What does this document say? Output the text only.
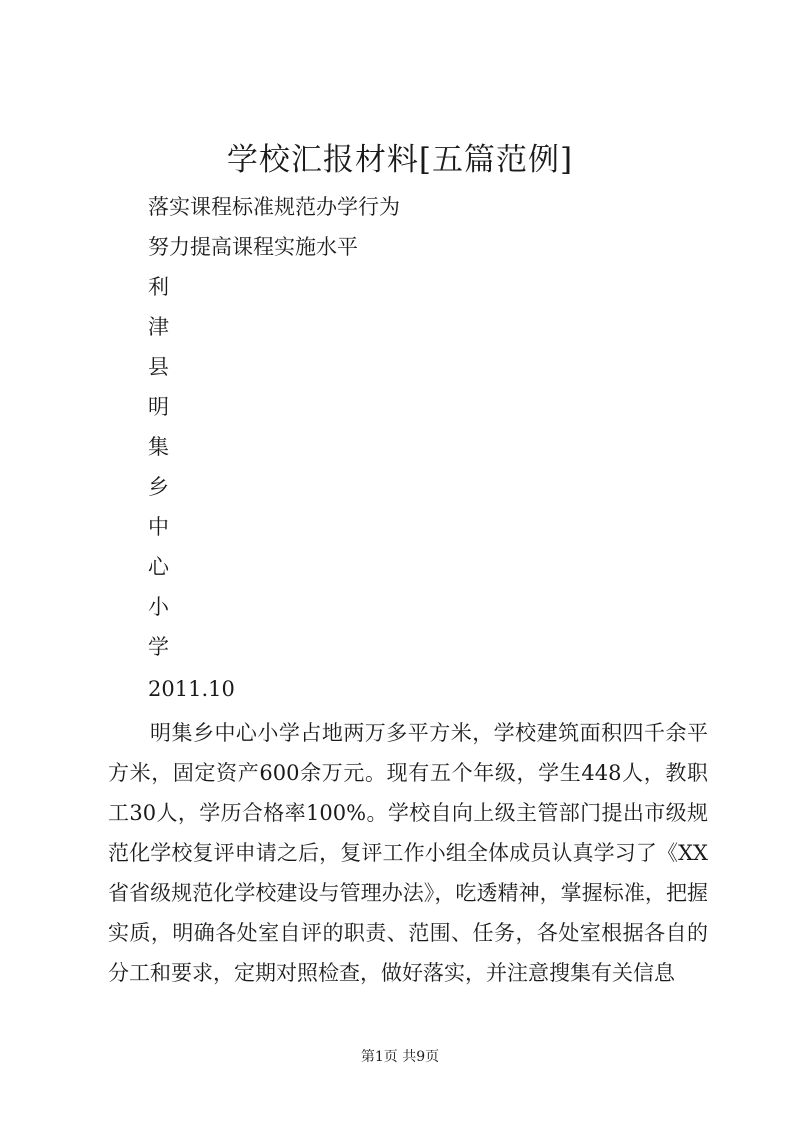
学校汇报材料[五篇范例]
落实课程标准规范办学行为
努力提高课程实施水平
利
津
县
明
集
乡
中
心
小
学
2011.10

明集乡中心小学占地两万多平方米，学校建筑面积四千余平方米，固定资产600余万元。现有五个年级，学生448人，教职工30人，学历合格率100%。学校自向上级主管部门提出市级规范化学校复评申请之后，复评工作小组全体成员认真学习了《XX省省级规范化学校建设与管理办法》，吃透精神，掌握标准，把握实质，明确各处室自评的职责、范围、任务，各处室根据各自的分工和要求，定期对照检查，做好落实，并注意搜集有关信息

第1页 共9页
